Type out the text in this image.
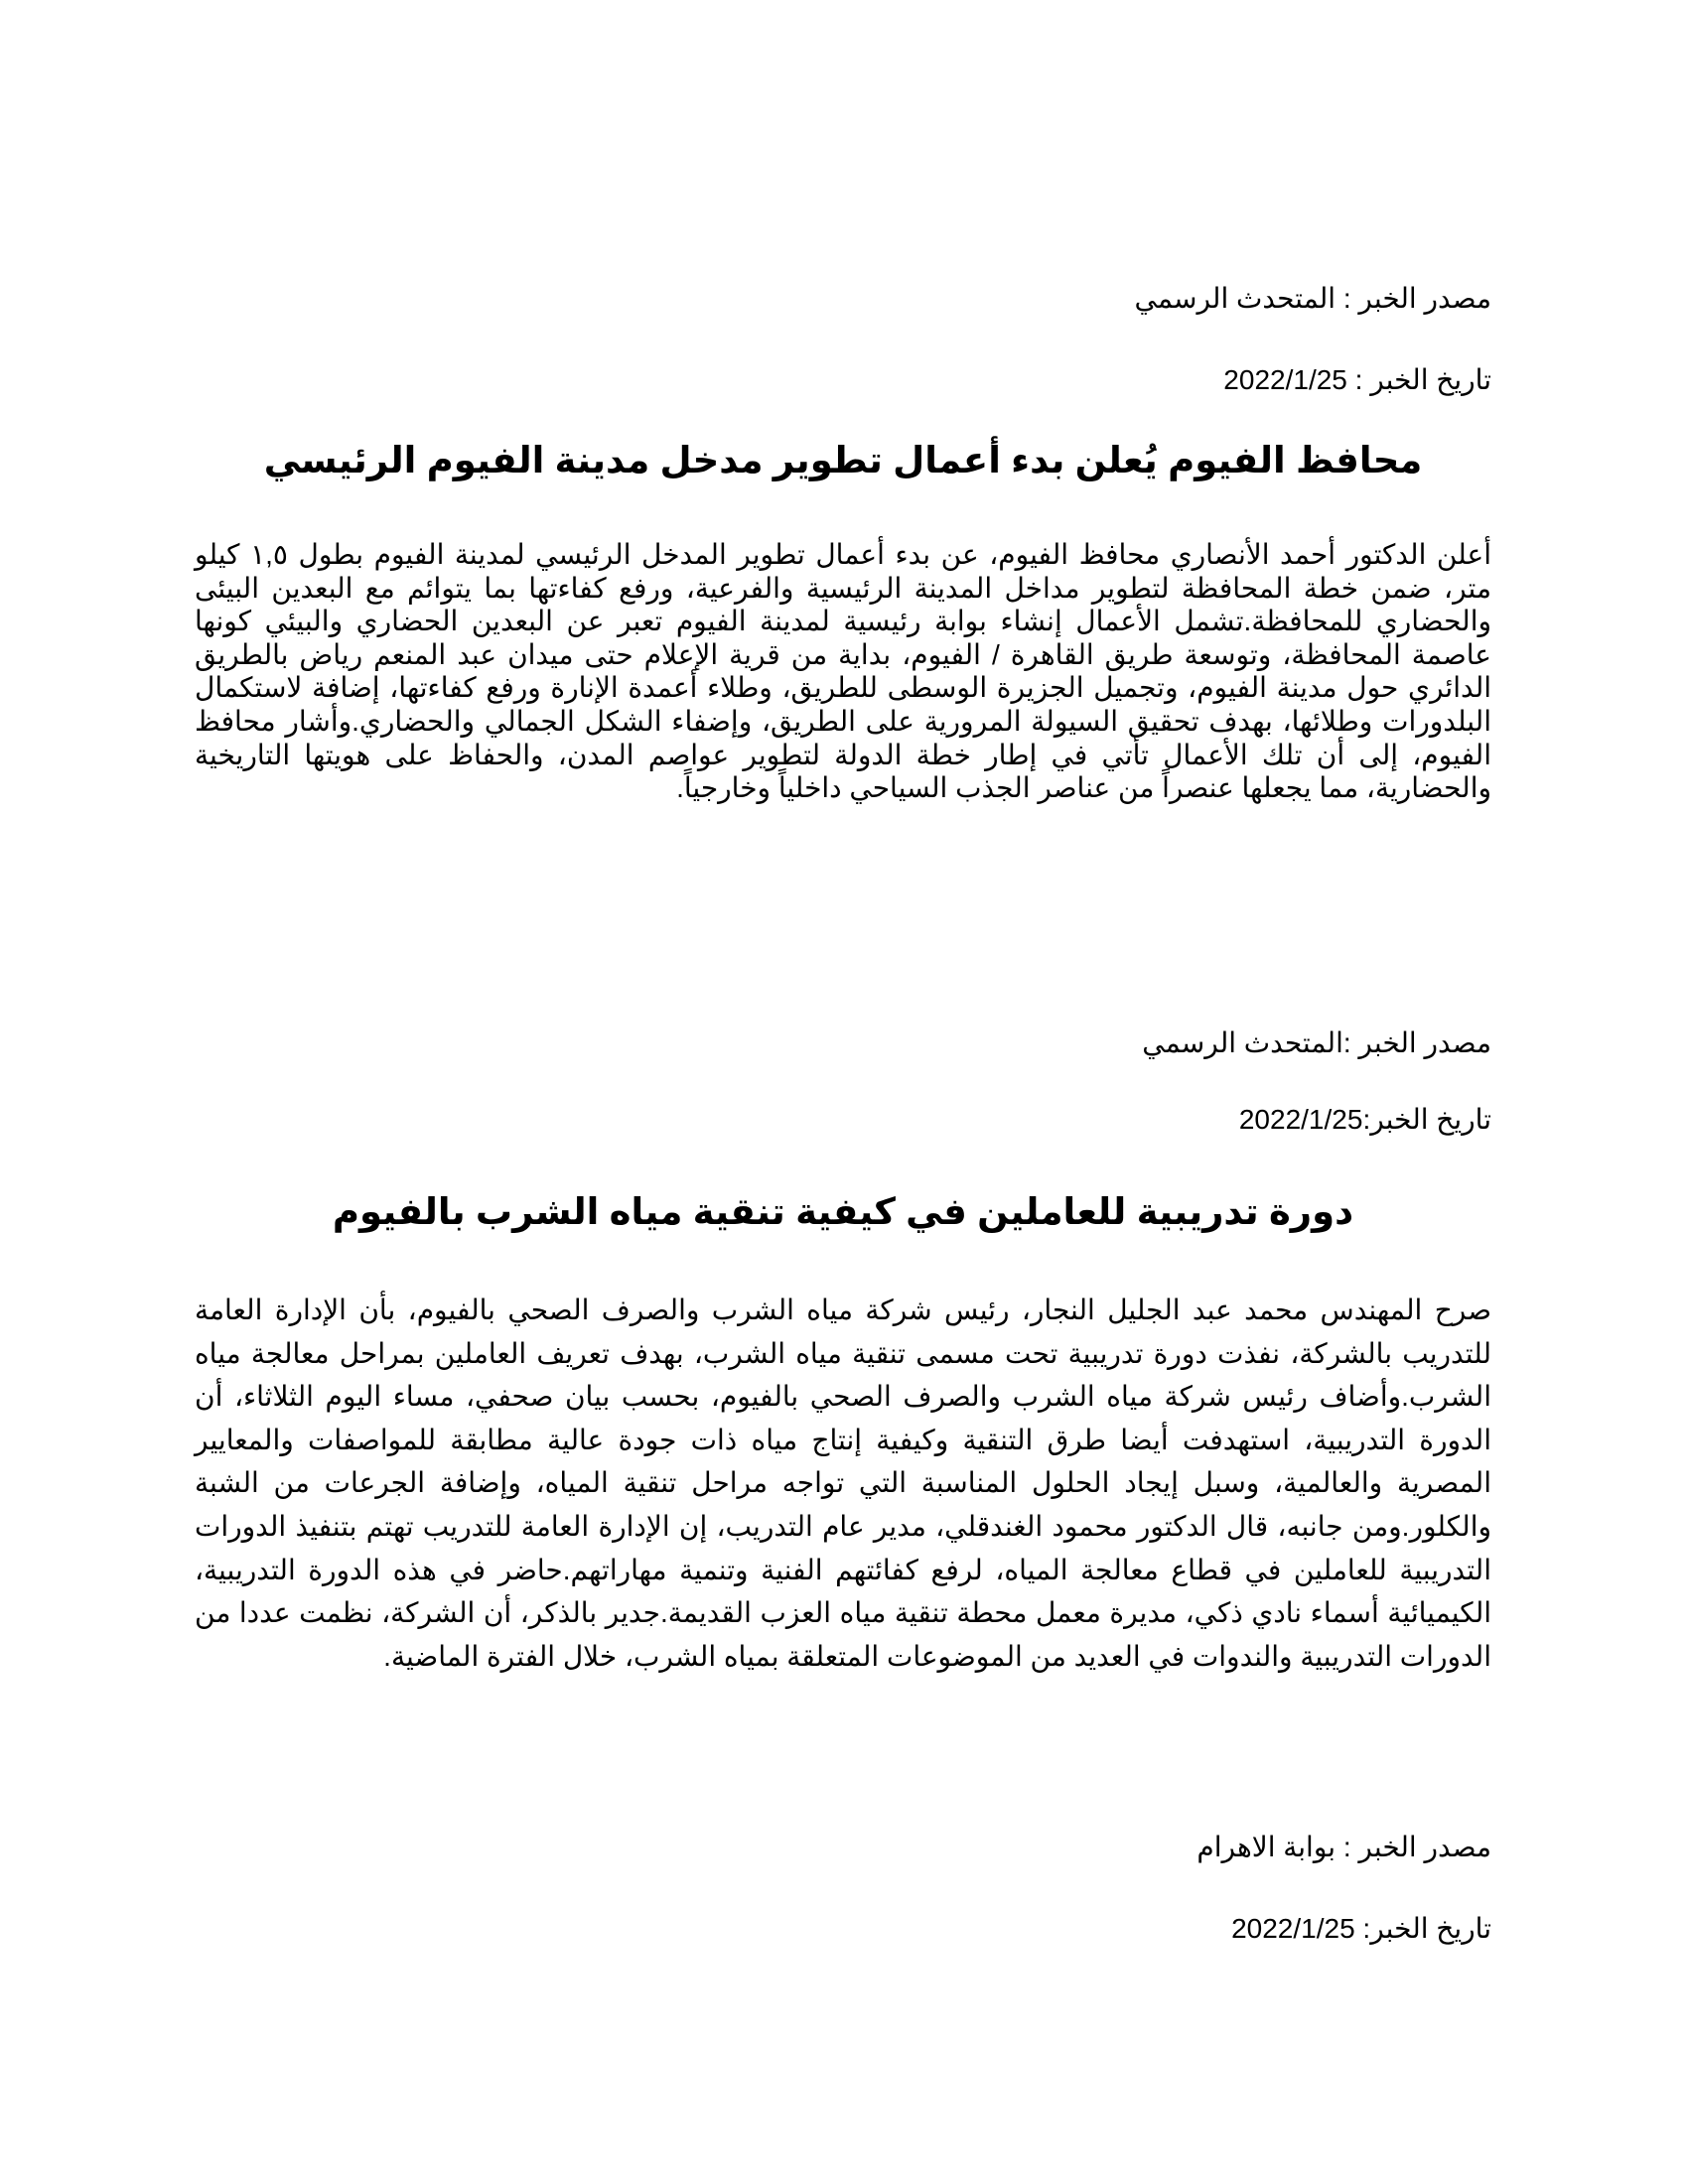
مصدر الخبر : المتحدث الرسمي

تاريخ الخبر : 2022/1/25

محافظ الفيوم يُعلن بدء أعمال تطوير مدخل مدينة الفيوم الرئيسي

أعلن الدكتور أحمد الأنصاري محافظ الفيوم، عن بدء أعمال تطوير المدخل الرئيسي لمدينة الفيوم بطول ١,٥ كيلو متر، ضمن خطة المحافظة لتطوير مداخل المدينة الرئيسية والفرعية، ورفع كفاءتها بما يتوائم مع البعدين البيئى والحضاري للمحافظة.تشمل الأعمال إنشاء بوابة رئيسية لمدينة الفيوم تعبر عن البعدين الحضاري والبيئي كونها عاصمة المحافظة، وتوسعة طريق القاهرة / الفيوم، بداية من قرية الإعلام حتى ميدان عبد المنعم رياض بالطريق الدائري حول مدينة الفيوم، وتجميل الجزيرة الوسطى للطريق، وطلاء أعمدة الإنارة ورفع كفاءتها، إضافة لاستكمال البلدورات وطلائها، بهدف تحقيق السيولة المرورية على الطريق، وإضفاء الشكل الجمالي والحضاري.وأشار محافظ الفيوم، إلى أن تلك الأعمال تأتي في إطار خطة الدولة لتطوير عواصم المدن، والحفاظ على هويتها التاريخية والحضارية، مما يجعلها عنصراً من عناصر الجذب السياحي داخلياً وخارجياً.

مصدر الخبر :المتحدث الرسمي

تاريخ الخبر:2022/1/25

دورة تدريبية للعاملين في كيفية تنقية مياه الشرب بالفيوم

صرح المهندس محمد عبد الجليل النجار، رئيس شركة مياه الشرب والصرف الصحي بالفيوم، بأن الإدارة العامة للتدريب بالشركة، نفذت دورة تدريبية تحت مسمى تنقية مياه الشرب، بهدف تعريف العاملين بمراحل معالجة مياه الشرب.وأضاف رئيس شركة مياه الشرب والصرف الصحي بالفيوم، بحسب بيان صحفي، مساء اليوم الثلاثاء، أن الدورة التدريبية، استهدفت أيضا طرق التنقية وكيفية إنتاج مياه ذات جودة عالية مطابقة للمواصفات والمعايير المصرية والعالمية، وسبل إيجاد الحلول المناسبة التي تواجه مراحل تنقية المياه، وإضافة الجرعات من الشبة والكلور.ومن جانبه، قال الدكتور محمود الغندقلي، مدير عام التدريب، إن الإدارة العامة للتدريب تهتم بتنفيذ الدورات التدريبية للعاملين في قطاع معالجة المياه، لرفع كفائتهم الفنية وتنمية مهاراتهم.حاضر في هذه الدورة التدريبية، الكيميائية أسماء نادي ذكي، مديرة معمل محطة تنقية مياه العزب القديمة.جدير بالذكر، أن الشركة، نظمت عددا من الدورات التدريبية والندوات في العديد من الموضوعات المتعلقة بمياه الشرب، خلال الفترة الماضية.

مصدر الخبر : بوابة الاهرام

تاريخ الخبر: 2022/1/25
